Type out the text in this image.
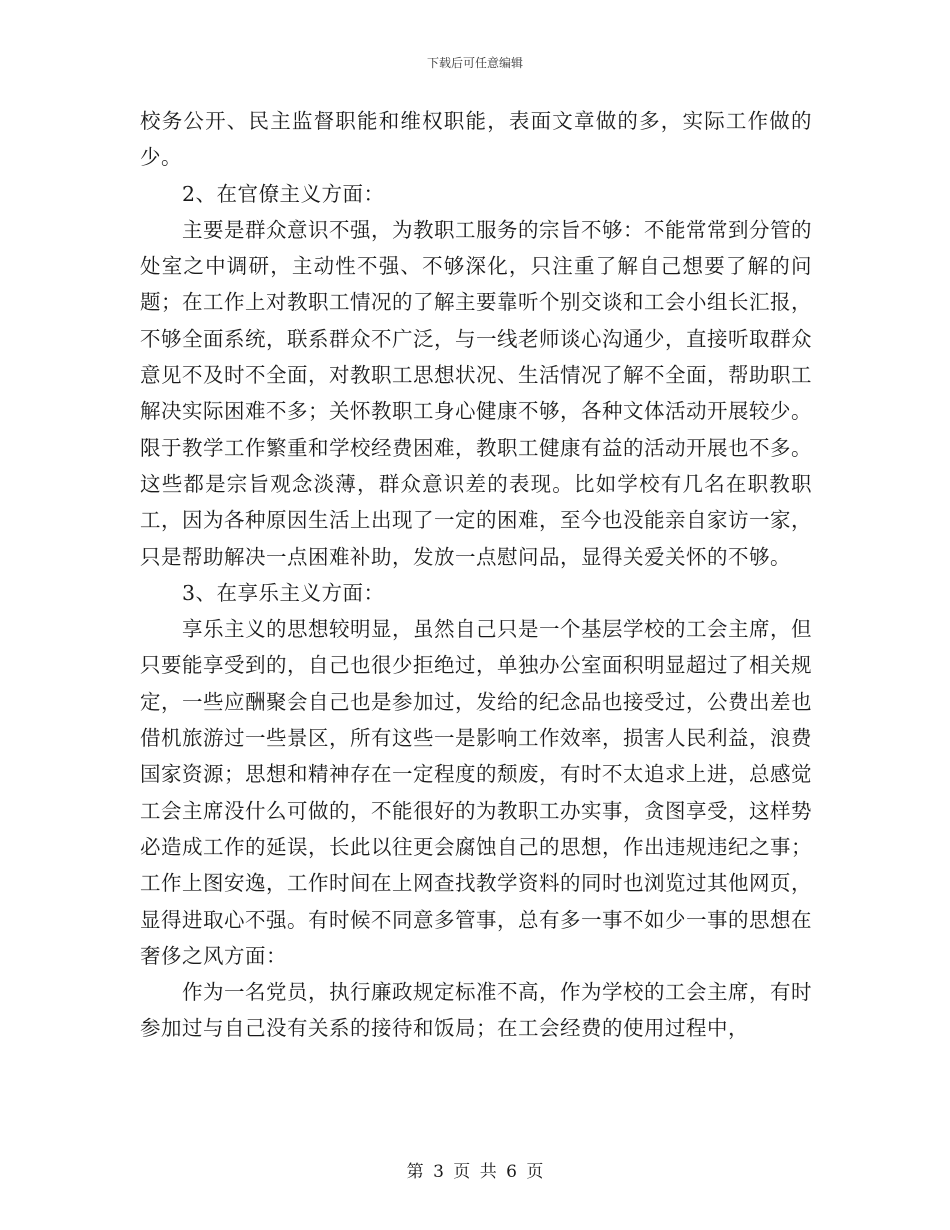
下载后可任意编辑

校务公开、民主监督职能和维权职能，表面文章做的多，实际工作做的少。

2、在官僚主义方面：

主要是群众意识不强，为教职工服务的宗旨不够：不能常常到分管的处室之中调研，主动性不强、不够深化，只注重了解自己想要了解的问题；在工作上对教职工情况的了解主要靠听个别交谈和工会小组长汇报，不够全面系统，联系群众不广泛，与一线老师谈心沟通少，直接听取群众意见不及时不全面，对教职工思想状况、生活情况了解不全面，帮助职工解决实际困难不多；关怀教职工身心健康不够，各种文体活动开展较少。限于教学工作繁重和学校经费困难，教职工健康有益的活动开展也不多。这些都是宗旨观念淡薄，群众意识差的表现。比如学校有几名在职教职工，因为各种原因生活上出现了一定的困难，至今也没能亲自家访一家，只是帮助解决一点困难补助，发放一点慰问品，显得关爱关怀的不够。

3、在享乐主义方面：

享乐主义的思想较明显，虽然自己只是一个基层学校的工会主席，但只要能享受到的，自己也很少拒绝过，单独办公室面积明显超过了相关规定，一些应酬聚会自己也是参加过，发给的纪念品也接受过，公费出差也借机旅游过一些景区，所有这些一是影响工作效率，损害人民利益，浪费国家资源；思想和精神存在一定程度的颓废，有时不太追求上进，总感觉工会主席没什么可做的，不能很好的为教职工办实事，贪图享受，这样势必造成工作的延误，长此以往更会腐蚀自己的思想，作出违规违纪之事；工作上图安逸，工作时间在上网查找教学资料的同时也浏览过其他网页，显得进取心不强。有时候不同意多管事，总有多一事不如少一事的思想在奢侈之风方面：

作为一名党员，执行廉政规定标准不高，作为学校的工会主席，有时参加过与自己没有关系的接待和饭局；在工会经费的使用过程中，

第 3 页 共 6 页
